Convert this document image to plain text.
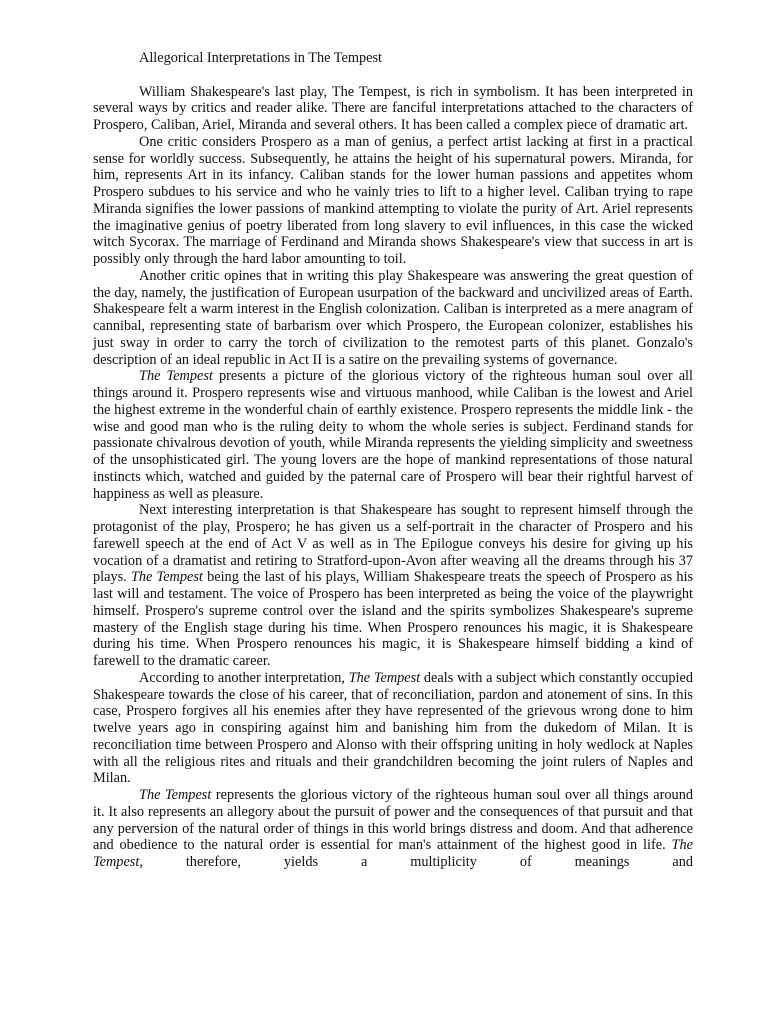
Allegorical Interpretations in The Tempest

William Shakespeare's last play, The Tempest, is rich in symbolism. It has been interpreted in several ways by critics and reader alike. There are fanciful interpretations attached to the characters of Prospero, Caliban, Ariel, Miranda and several others. It has been called a complex piece of dramatic art.

One critic considers Prospero as a man of genius, a perfect artist lacking at first in a practical sense for worldly success. Subsequently, he attains the height of his supernatural powers. Miranda, for him, represents Art in its infancy. Caliban stands for the lower human passions and appetites whom Prospero subdues to his service and who he vainly tries to lift to a higher level. Caliban trying to rape Miranda signifies the lower passions of mankind attempting to violate the purity of Art. Ariel represents the imaginative genius of poetry liberated from long slavery to evil influences, in this case the wicked witch Sycorax. The marriage of Ferdinand and Miranda shows Shakespeare's view that success in art is possibly only through the hard labor amounting to toil.

Another critic opines that in writing this play Shakespeare was answering the great question of the day, namely, the justification of European usurpation of the backward and uncivilized areas of Earth. Shakespeare felt a warm interest in the English colonization. Caliban is interpreted as a mere anagram of cannibal, representing state of barbarism over which Prospero, the European colonizer, establishes his just sway in order to carry the torch of civilization to the remotest parts of this planet. Gonzalo's description of an ideal republic in Act II is a satire on the prevailing systems of governance.

The Tempest presents a picture of the glorious victory of the righteous human soul over all things around it. Prospero represents wise and virtuous manhood, while Caliban is the lowest and Ariel the highest extreme in the wonderful chain of earthly existence. Prospero represents the middle link - the wise and good man who is the ruling deity to whom the whole series is subject. Ferdinand stands for passionate chivalrous devotion of youth, while Miranda represents the yielding simplicity and sweetness of the unsophisticated girl. The young lovers are the hope of mankind representations of those natural instincts which, watched and guided by the paternal care of Prospero will bear their rightful harvest of happiness as well as pleasure.

Next interesting interpretation is that Shakespeare has sought to represent himself through the protagonist of the play, Prospero; he has given us a self-portrait in the character of Prospero and his farewell speech at the end of Act V as well as in The Epilogue conveys his desire for giving up his vocation of a dramatist and retiring to Stratford-upon-Avon after weaving all the dreams through his 37 plays. The Tempest being the last of his plays, William Shakespeare treats the speech of Prospero as his last will and testament. The voice of Prospero has been interpreted as being the voice of the playwright himself. Prospero's supreme control over the island and the spirits symbolizes Shakespeare's supreme mastery of the English stage during his time. When Prospero renounces his magic, it is Shakespeare during his time. When Prospero renounces his magic, it is Shakespeare himself bidding a kind of farewell to the dramatic career.

According to another interpretation, The Tempest deals with a subject which constantly occupied Shakespeare towards the close of his career, that of reconciliation, pardon and atonement of sins. In this case, Prospero forgives all his enemies after they have represented of the grievous wrong done to him twelve years ago in conspiring against him and banishing him from the dukedom of Milan. It is reconciliation time between Prospero and Alonso with their offspring uniting in holy wedlock at Naples with all the religious rites and rituals and their grandchildren becoming the joint rulers of Naples and Milan.

The Tempest represents the glorious victory of the righteous human soul over all things around it. It also represents an allegory about the pursuit of power and the consequences of that pursuit and that any perversion of the natural order of things in this world brings distress and doom. And that adherence and obedience to the natural order is essential for man's attainment of the highest good in life. The Tempest, therefore, yields a multiplicity of meanings and
